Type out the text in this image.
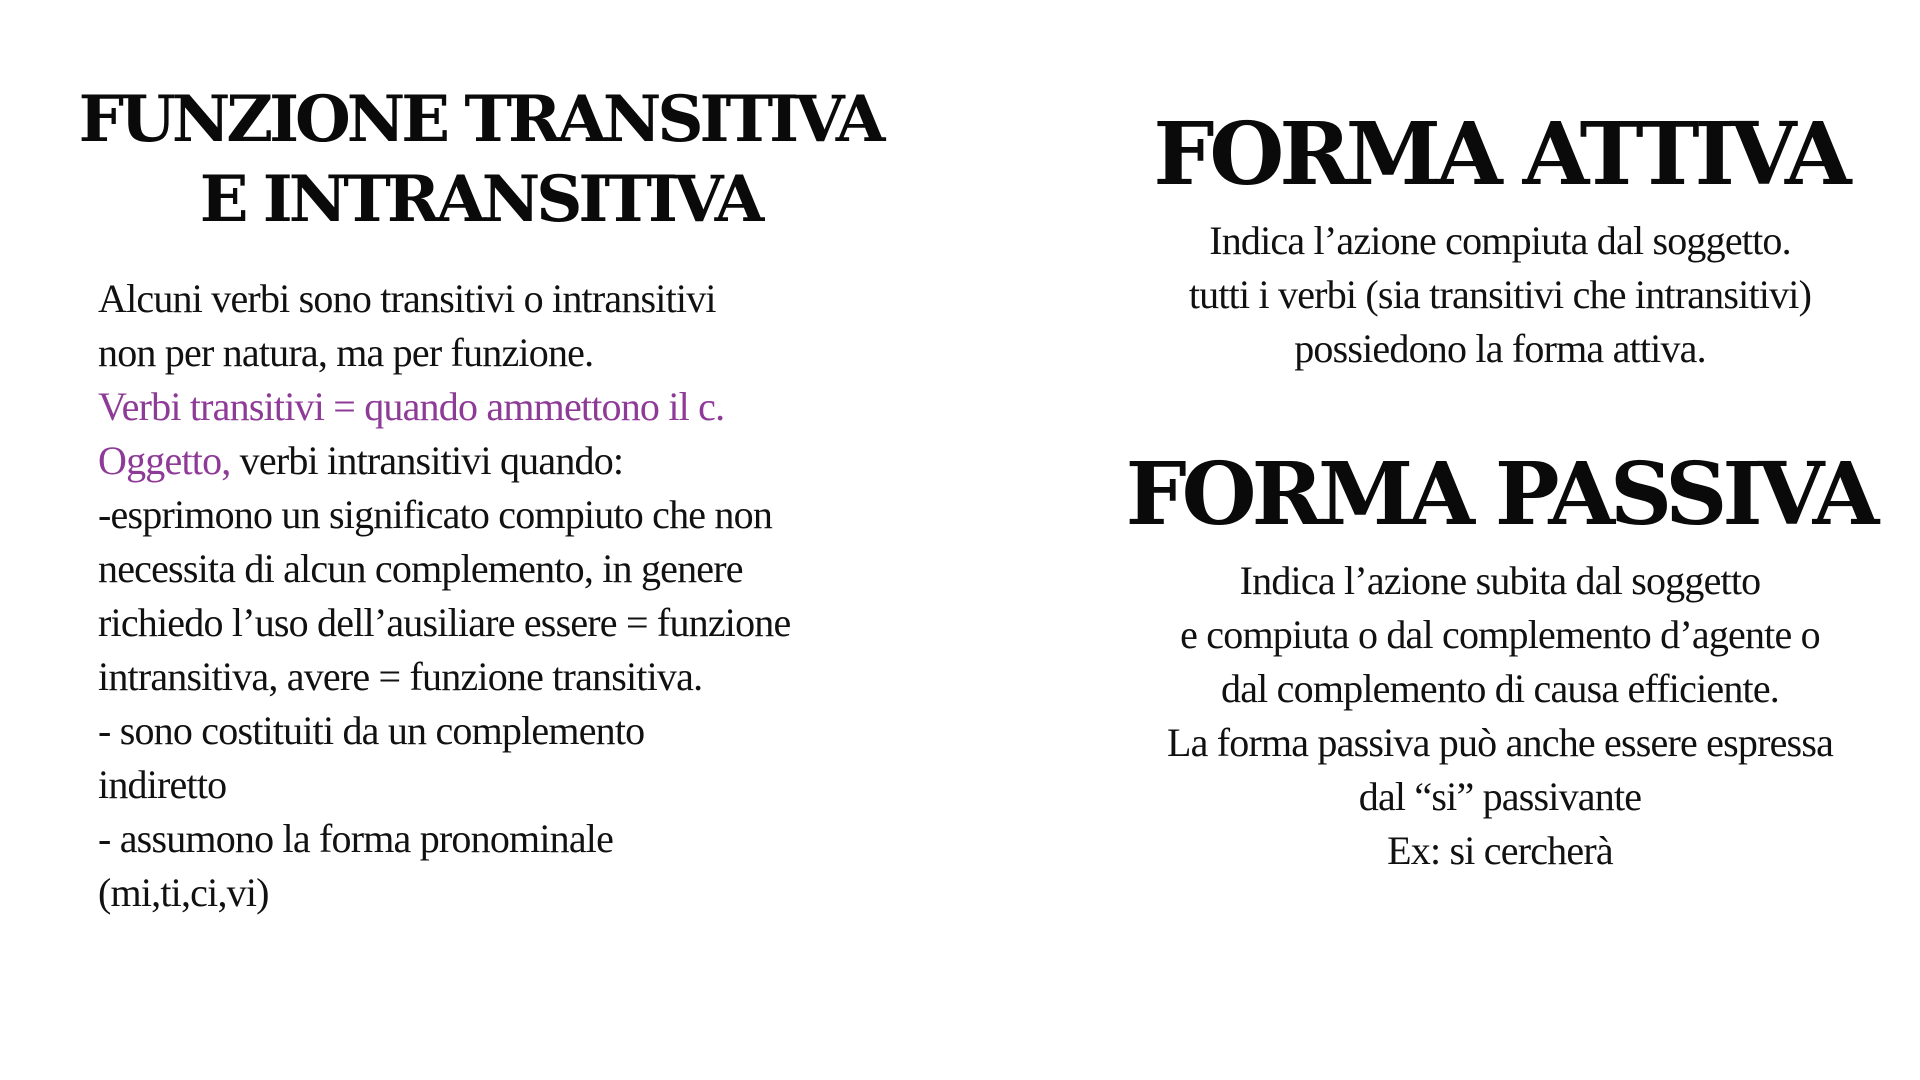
FUNZIONE TRANSITIVA
E INTRANSITIVA
Alcuni verbi sono transitivi o intransitivi
non per natura, ma per funzione.
Verbi transitivi = quando ammettono il c.
Oggetto, verbi intransitivi quando:
-esprimono un significato compiuto che non
necessita di alcun complemento, in genere
richiedo l’uso dell’ausiliare essere = funzione
intransitiva, avere = funzione transitiva.
- sono costituiti da un complemento
indiretto
- assumono la forma pronominale
(mi,ti,ci,vi)
FORMA ATTIVA
Indica l’azione compiuta dal soggetto.
tutti i verbi (sia transitivi che intransitivi)
possiedono la forma attiva.
FORMA PASSIVA
Indica l’azione subita dal soggetto
e compiuta o dal complemento d’agente o
dal complemento di causa efficiente.
La forma passiva può anche essere espressa
dal “si” passivante
Ex: si cercherà
